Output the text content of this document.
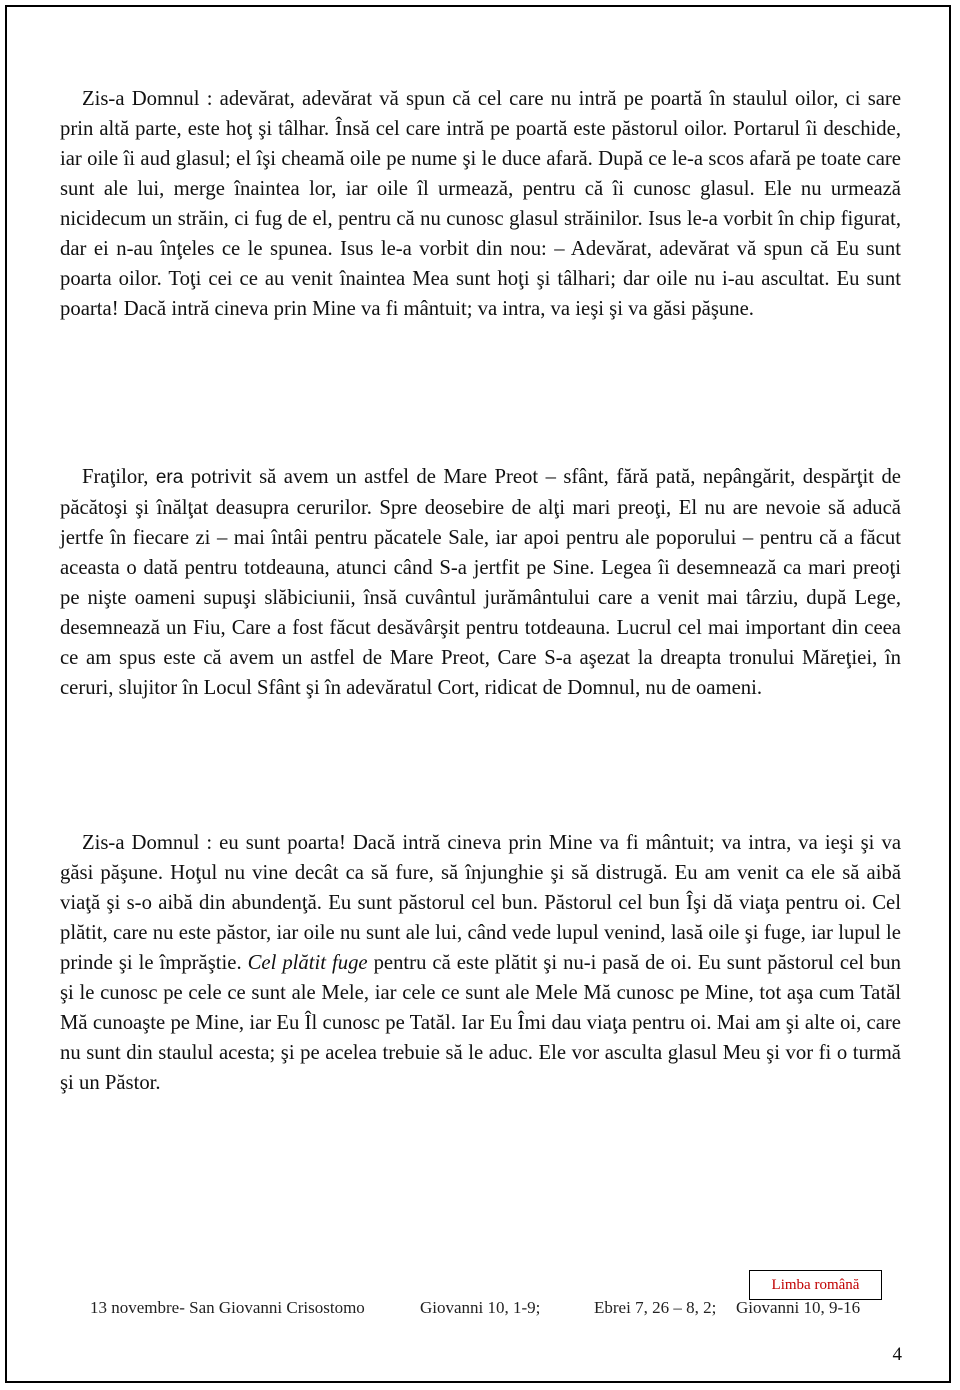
Zis-a Domnul : adevărat, adevărat vă spun că cel care nu intră pe poartă în staulul oilor, ci sare prin altă parte, este hoţ şi tâlhar. Însă cel care intră pe poartă este păstorul oilor. Portarul îi deschide, iar oile îi aud glasul; el îşi cheamă oile pe nume şi le duce afară. După ce le-a scos afară pe toate care sunt ale lui, merge înaintea lor, iar oile îl urmează, pentru că îi cunosc glasul. Ele nu urmează nicidecum un străin, ci fug de el, pentru că nu cunosc glasul străinilor. Isus le-a vorbit în chip figurat, dar ei n-au înţeles ce le spunea. Isus le-a vorbit din nou: – Adevărat, adevărat vă spun că Eu sunt poarta oilor. Toţi cei ce au venit înaintea Mea sunt hoţi şi tâlhari; dar oile nu i-au ascultat. Eu sunt poarta! Dacă intră cineva prin Mine va fi mântuit; va intra, va ieşi şi va găsi păşune.

Fraţilor, era potrivit să avem un astfel de Mare Preot – sfânt, fără pată, nepângărit, despărţit de păcătoşi şi înălţat deasupra cerurilor. Spre deosebire de alţi mari preoţi, El nu are nevoie să aducă jertfe în fiecare zi – mai întâi pentru păcatele Sale, iar apoi pentru ale poporului – pentru că a făcut aceasta o dată pentru totdeauna, atunci când S-a jertfit pe Sine. Legea îi desemnează ca mari preoţi pe nişte oameni supuşi slăbiciunii, însă cuvântul jurământului care a venit mai târziu, după Lege, desemnează un Fiu, Care a fost făcut desăvârşit pentru totdeauna. Lucrul cel mai important din ceea ce am spus este că avem un astfel de Mare Preot, Care S-a aşezat la dreapta tronului Măreţiei, în ceruri, slujitor în Locul Sfânt şi în adevăratul Cort, ridicat de Domnul, nu de oameni.

Zis-a Domnul : eu sunt poarta! Dacă intră cineva prin Mine va fi mântuit; va intra, va ieşi şi va găsi păşune. Hoţul nu vine decât ca să fure, să înjunghie şi să distrugă. Eu am venit ca ele să aibă viaţă şi s-o aibă din abundenţă. Eu sunt păstorul cel bun. Păstorul cel bun Îşi dă viaţa pentru oi. Cel plătit, care nu este păstor, iar oile nu sunt ale lui, când vede lupul venind, lasă oile şi fuge, iar lupul le prinde şi le împrăştie. Cel plătit fuge pentru că este plătit şi nu-i pasă de oi. Eu sunt păstorul cel bun şi le cunosc pe cele ce sunt ale Mele, iar cele ce sunt ale Mele Mă cunosc pe Mine, tot aşa cum Tatăl Mă cunoaşte pe Mine, iar Eu Îl cunosc pe Tatăl. Iar Eu Îmi dau viaţa pentru oi. Mai am şi alte oi, care nu sunt din staulul acesta; şi pe acelea trebuie să le aduc. Ele vor asculta glasul Meu şi vor fi o turmă şi un Păstor.

Limba română
13 novembre- San Giovanni Crisostomo	Giovanni 10, 1-9;	Ebrei 7, 26 – 8, 2; Giovanni 10, 9-16
4
